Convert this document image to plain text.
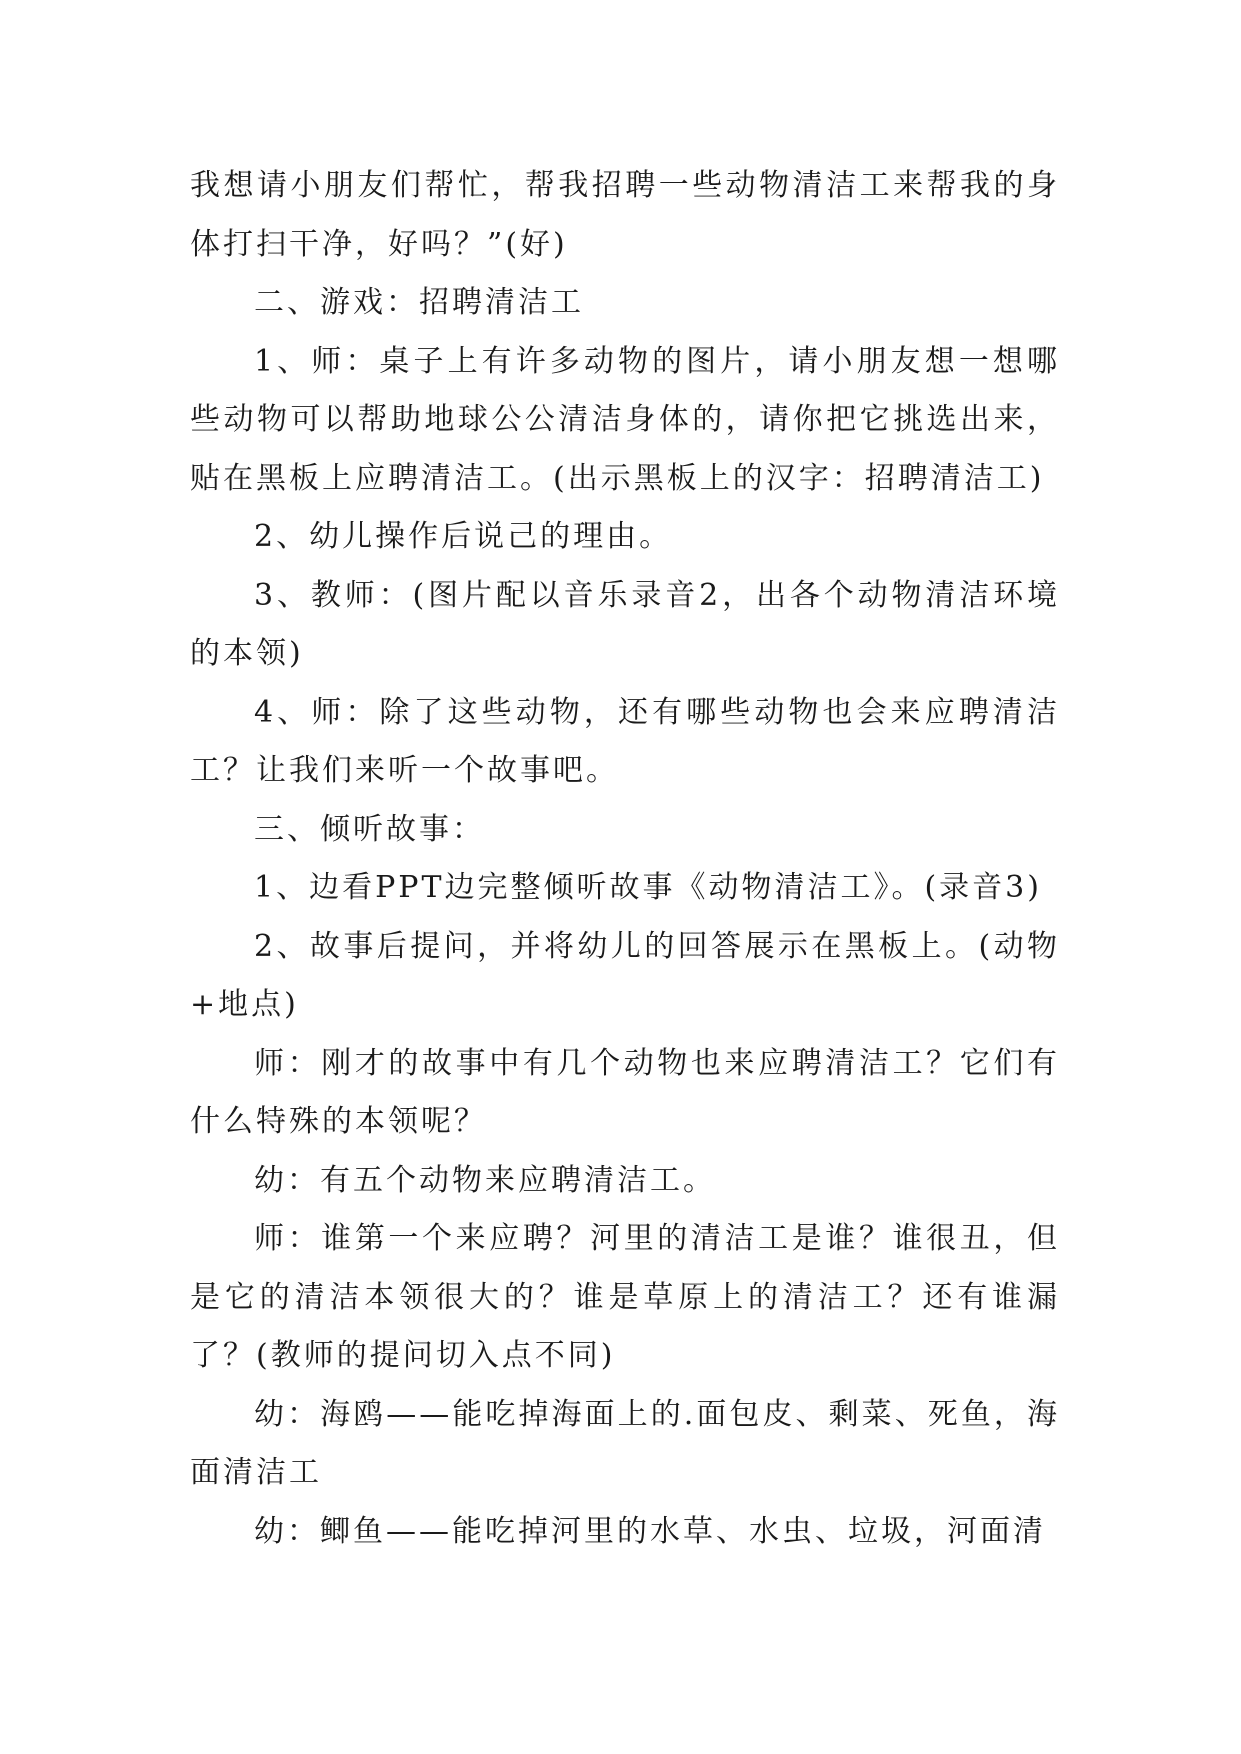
我想请小朋友们帮忙，帮我招聘一些动物清洁工来帮我的身体打扫干净，好吗？”(好)

二、游戏：招聘清洁工

1、师：桌子上有许多动物的图片，请小朋友想一想哪些动物可以帮助地球公公清洁身体的，请你把它挑选出来，贴在黑板上应聘清洁工。(出示黑板上的汉字：招聘清洁工)

2、幼儿操作后说己的理由。

3、教师：(图片配以音乐录音2，出各个动物清洁环境的本领)

4、师：除了这些动物，还有哪些动物也会来应聘清洁工？让我们来听一个故事吧。

三、倾听故事：

1、边看PPT边完整倾听故事《动物清洁工》。(录音3)

2、故事后提问，并将幼儿的回答展示在黑板上。(动物+地点)

师：刚才的故事中有几个动物也来应聘清洁工？它们有什么特殊的本领呢？

幼：有五个动物来应聘清洁工。

师：谁第一个来应聘？河里的清洁工是谁？谁很丑，但是它的清洁本领很大的？谁是草原上的清洁工？还有谁漏了？(教师的提问切入点不同)

幼：海鸥——能吃掉海面上的.面包皮、剩菜、死鱼，海面清洁工

幼：鲫鱼——能吃掉河里的水草、水虫、垃圾，河面清
